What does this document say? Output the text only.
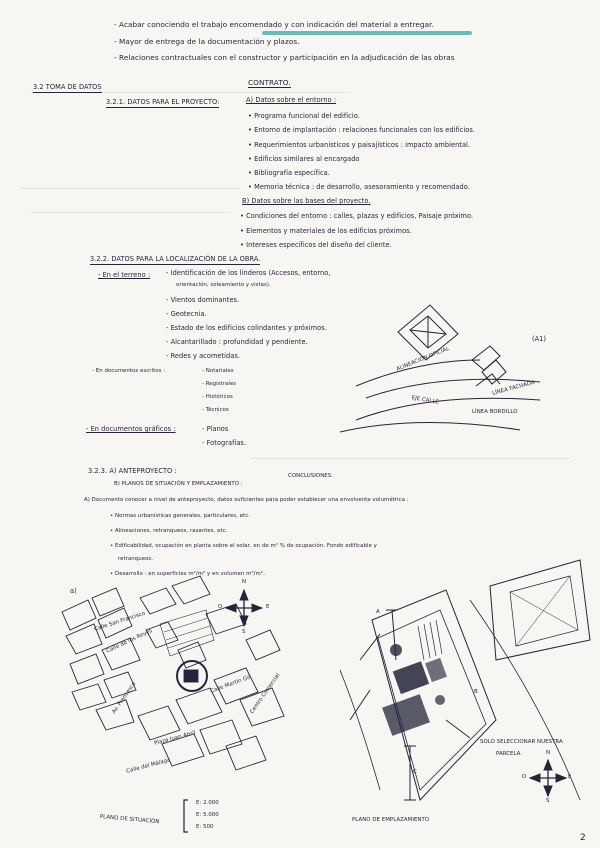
- Acabar conociendo el trabajo encomendado y con indicación del material a entregar.
- Mayor de entrega de la documentación y plazos.
- Relaciones contractuales con el constructor y participación en la adjudicación de las obras
3.2 TOMA DE DATOS	CONTRATO.
3.2.1. DATOS PARA EL PROYECTO:	A) Datos sobre el entorno :
• Programa funcional del edificio.
• Entorno de implantación : relaciones funcionales con los edificios.
• Requerimientos urbanísticos y paisajísticos : impacto ambiental.
• Edificios similares al encargado
• Bibliografía específica.
• Memoria técnica : de desarrollo, asesoramiento y recomendado.
B) Datos sobre las bases del proyecto.
• Condiciones del entorno : calles, plazas y edificios, Paisaje próximo.
• Elementos y materiales de los edificios próximos.
• Intereses específicos del diseño del cliente.
3.2.2. DATOS PARA LA LOCALIZACIÓN DE LA OBRA.
- En el terreno : - Identificación de los linderos (Accesos, entorno,
orientación, soleamiento y vistas).
- Vientos dominantes.
- Geotecnia.
- Estado de los edificios colindantes y próximos.
- Alcantarillado : profundidad y pendiente.
- Redes y acometidas.
- En documentos escritos :	- Notariales
- Registrales
- Históricos
- Técnicos
- En documentos gráficos :	- Planos
- Fotografías.
3.2.3. A) ANTEPROYECTO :
B) PLANOS DE SITUACIÓN Y EMPLAZAMIENTO :
CONCLUSIONES.
A) Documento conocer a nivel de anteproyecto, datos suficientes para poder establecer una envolvente volumétrica :
• Normas urbanísticas generales, particulares, etc.
• Alineaciones, retranqueos, rasantes, etc.
• Edificabilidad, ocupación en planta sobre el solar, en de m² % de ocupación. Fondo edificable y
retranqueos.
• Desarrollo : en superficies m²/m² y en volumen m³/m²..
(A1)
ALINEACIÓN OFICIAL
EJE CALLE
LÍNEA FACHADA
LÍNEA BORDILLO
a)
N
S
E
O
Plaza Juan Abril
Calle del Málaga
Centro Comercial
Calle de los Reyes
Av. Francesco	Calle Martín Gil
Calle San Francisco
PLANO DE SITUACIÓN
E: 2.000
E: 5.000
E: 500
SOLO SELECCIONAR NUESTRA
PARCELA.	N
S
E
O
A
B
C
PLANO DE EMPLAZAMIENTO
2
